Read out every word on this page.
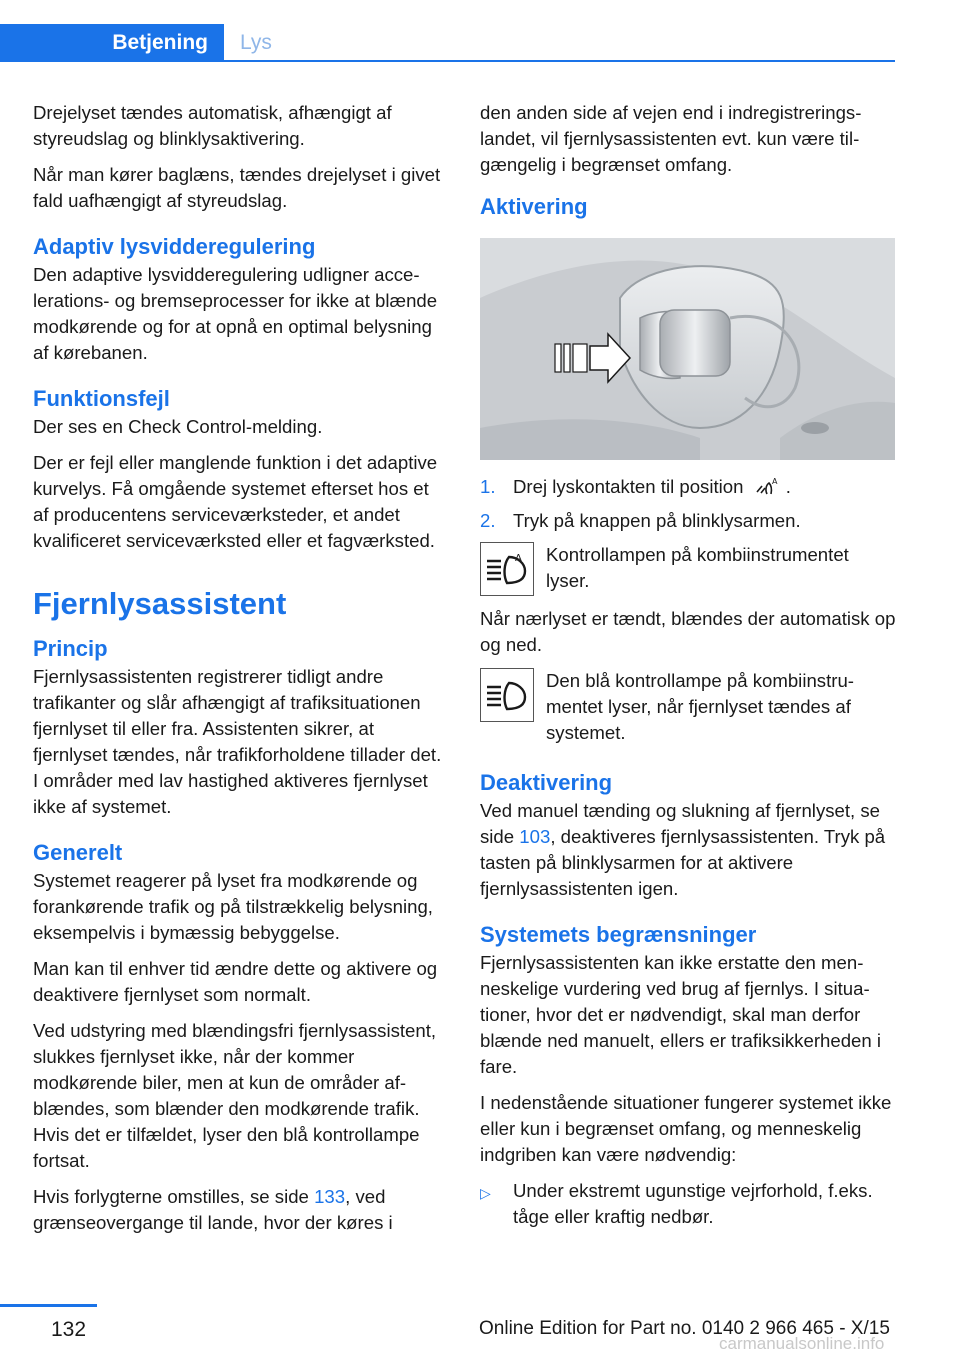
Betjening	Lys

Drejelyset tændes automatisk, afhængigt af styreudslag og blinklysaktivering.

Når man kører baglæns, tændes drejelyset i givet fald uafhængigt af styreudslag.

Adaptiv lysvidderegulering

Den adaptive lysvidderegulering udligner accelerations- og bremseprocesser for ikke at blænde modkørende og for at opnå en optimal belysning af kørebanen.

Funktionsfejl

Der ses en Check Control-melding.

Der er fejl eller manglende funktion i det adaptive kurvelys. Få omgående systemet efterset hos et af producentens serviceværksteder, et andet kvalificeret serviceværksted eller et fagværksted.

Fjernlysassistent
Princip

Fjernlysassistenten registrerer tidligt andre trafikanter og slår afhængigt af trafiksituationen fjernlyset til eller fra. Assistenten sikrer, at fjernlyset tændes, når trafikforholdene tillader det. I områder med lav hastighed aktiveres fjernlyset ikke af systemet.

Generelt

Systemet reagerer på lyset fra modkørende og forankørende trafik og på tilstrækkelig belysning, eksempelvis i bymæssig bebyggelse.

Man kan til enhver tid ændre dette og aktivere og deaktivere fjernlyset som normalt.

Ved udstyring med blændingsfri fjernlysassistent, slukkes fjernlyset ikke, når der kommer modkørende biler, men at kun de områder afblændes, som blænder den modkørende trafik. Hvis det er tilfældet, lyser den blå kontrollampe fortsat.

Hvis forlygterne omstilles, se side 133, ved grænseovergange til lande, hvor der køres i

den anden side af vejen end i indregistreringslandet, vil fjernlysassistenten evt. kun være tilgængelig i begrænset omfang.

Aktivering
1. Drej lyskontakten til position	A .
2. Tryk på knappen på blinklysarmen.
A Kontrollampen på kombiinstrumentet lyser.

Når nærlyset er tændt, blændes der automatisk op og ned.

Den blå kontrollampe på kombiinstrumentet lyser, når fjernlyset tændes af systemet.
Deaktivering

Ved manuel tænding og slukning af fjernlyset, se side 103, deaktiveres fjernlysassistenten. Tryk på tasten på blinklysarmen for at aktivere fjernlysassistenten igen.

Systemets begrænsninger

Fjernlysassistenten kan ikke erstatte den menneskelige vurdering ved brug af fjernlys. I situationer, hvor det er nødvendigt, skal man derfor blænde ned manuelt, ellers er trafiksikkerheden i fare.

I nedenstående situationer fungerer systemet ikke eller kun i begrænset omfang, og menneskelig indgriben kan være nødvendig:

▷	Under ekstremt ugunstige vejrforhold, f.eks. tåge eller kraftig nedbør.
132	Online Edition for Part no. 0140 2 966 465 - X/15
carmanualsonline.info
